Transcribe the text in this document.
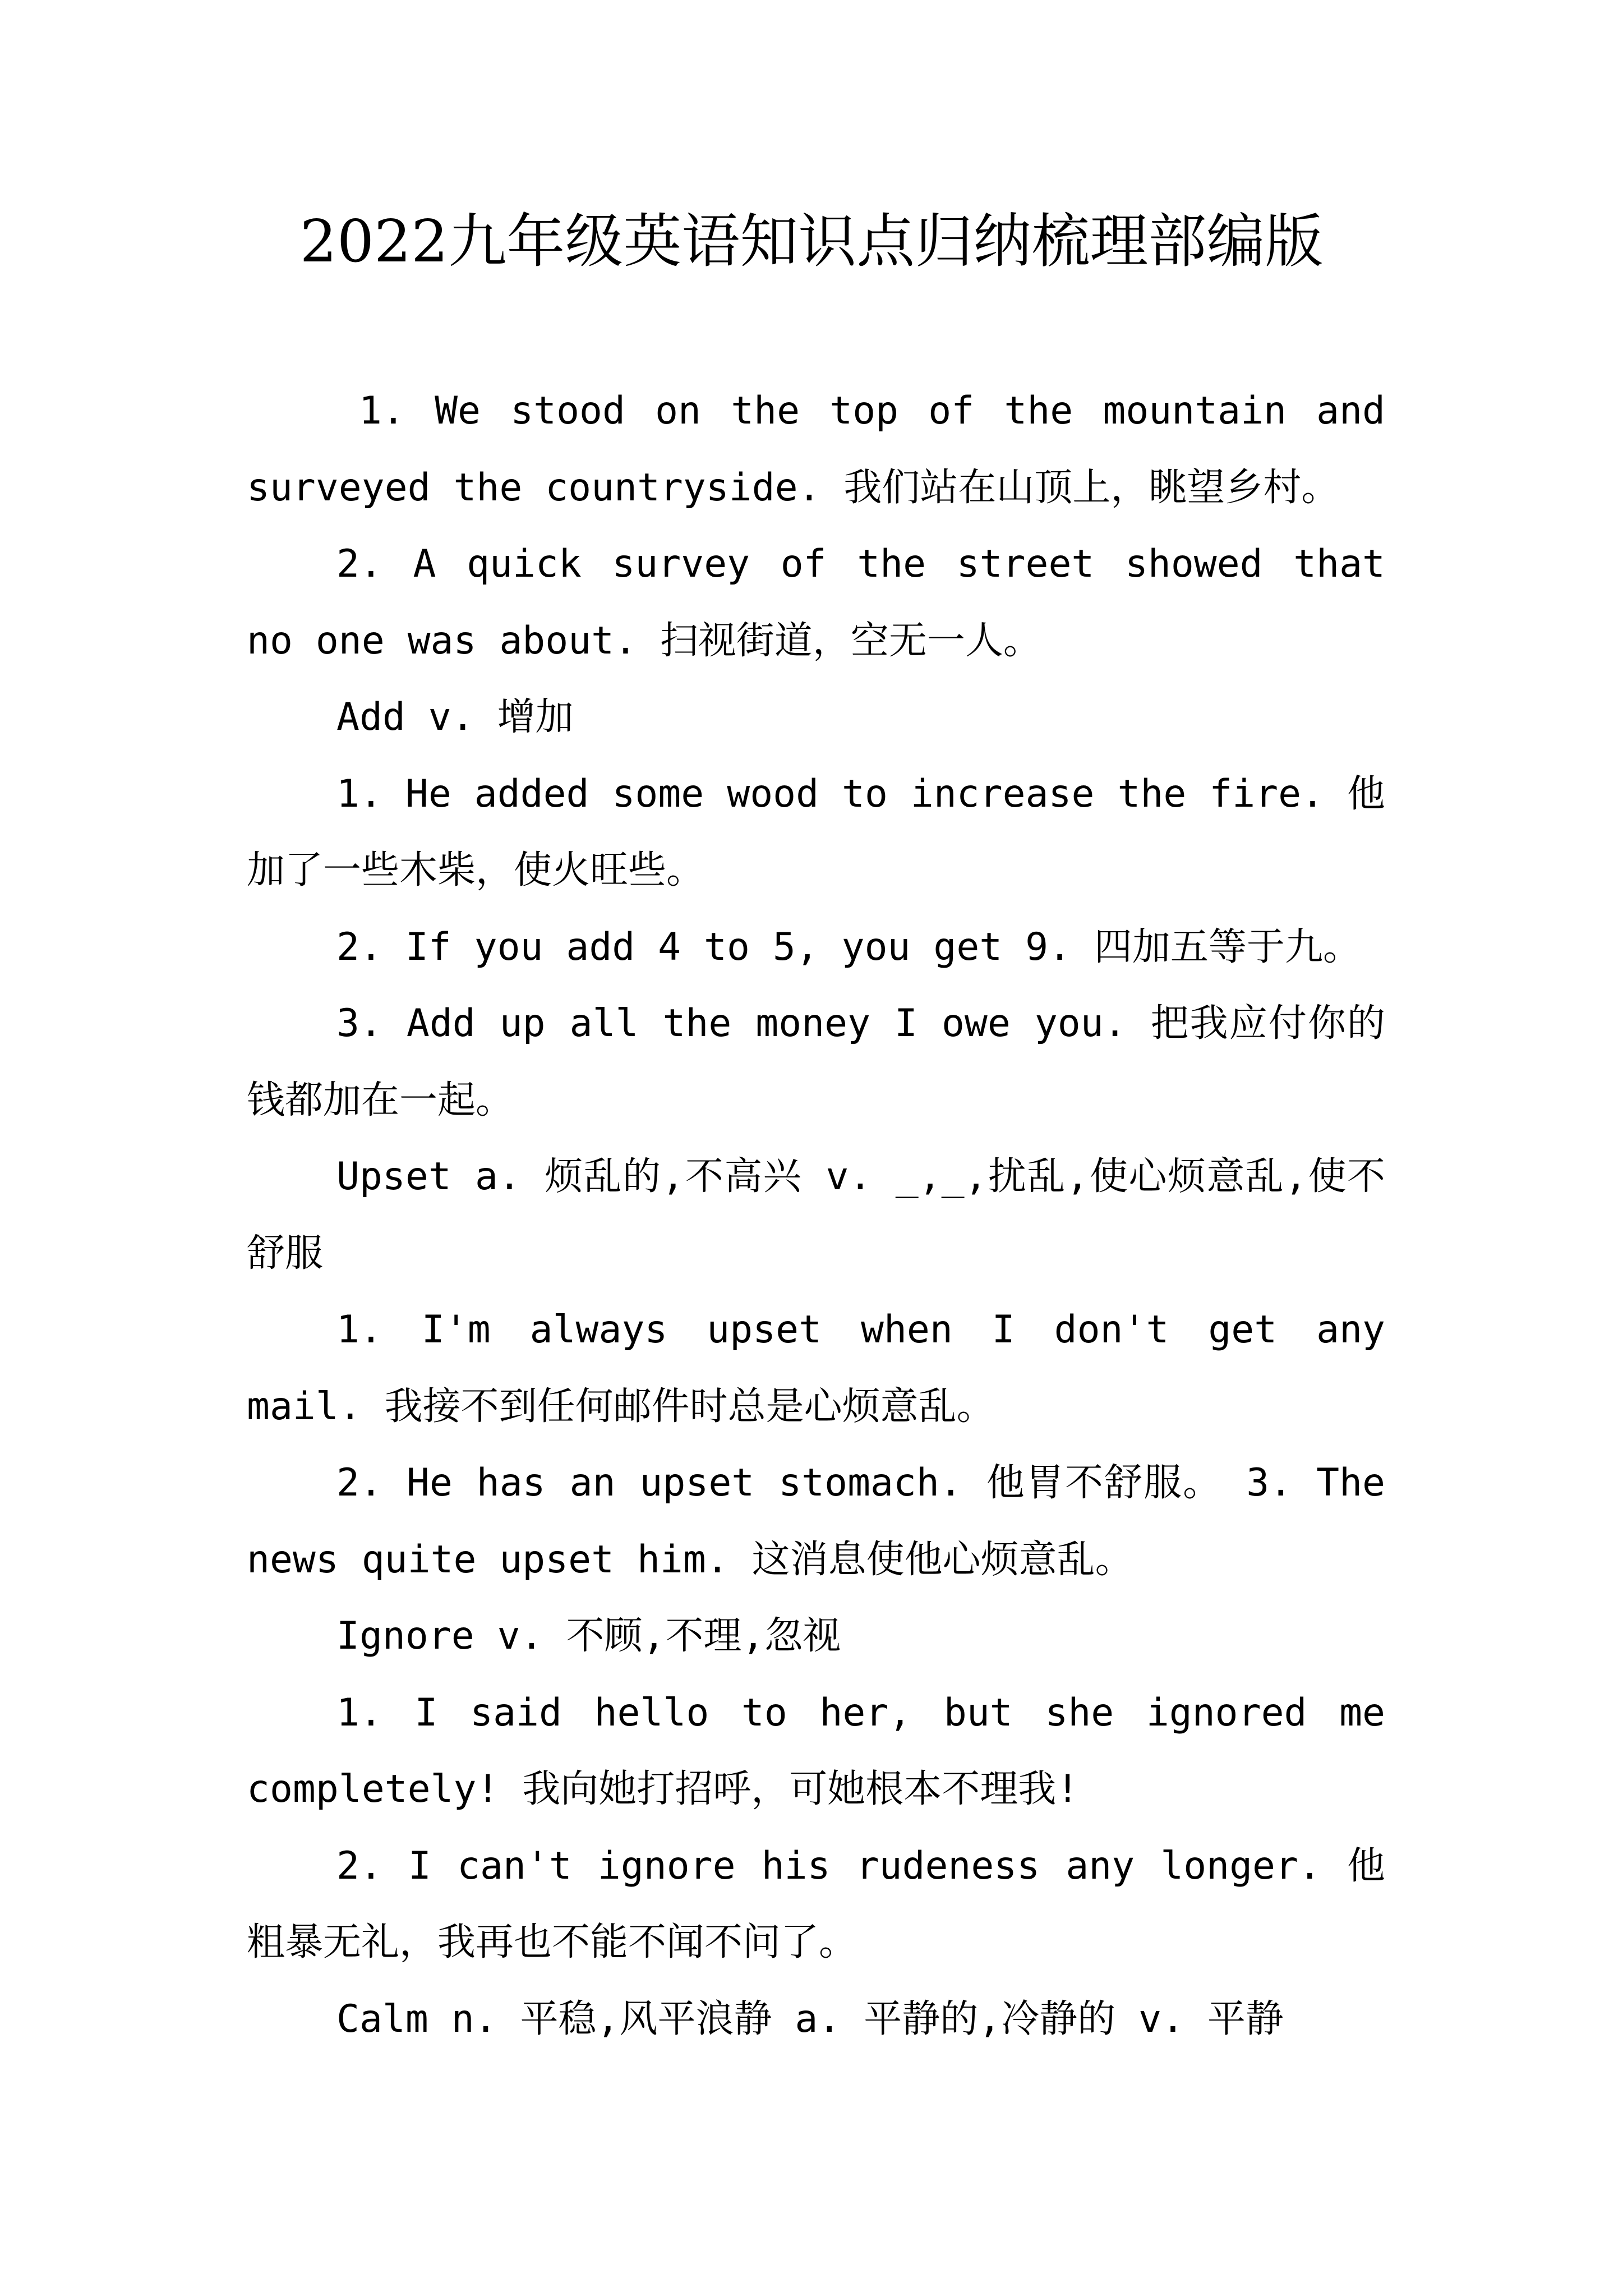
2022九年级英语知识点归纳梳理部编版

1. We stood on the top of the mountain and surveyed the countryside. 我们站在山顶上，眺望乡村。

2. A quick survey of the street showed that no one was about. 扫视街道，空无一人。

Add v. 增加

1. He added some wood to increase the fire. 他加了一些木柴，使火旺些。

2. If you add 4 to 5, you get 9. 四加五等于九。

3. Add up all the money I owe you. 把我应付你的钱都加在一起。

Upset a. 烦乱的,不高兴 v. _,_,扰乱,使心烦意乱,使不舒服

1. I'm always upset when I don't get any mail. 我接不到任何邮件时总是心烦意乱。

2. He has an upset stomach. 他胃不舒服。 3. The news quite upset him. 这消息使他心烦意乱。

Ignore v. 不顾,不理,忽视

1. I said hello to her, but she ignored me completely! 我向她打招呼，可她根本不理我!

2. I can't ignore his rudeness any longer. 他粗暴无礼，我再也不能不闻不问了。

Calm n. 平稳,风平浪静 a. 平静的,冷静的 v. 平静
